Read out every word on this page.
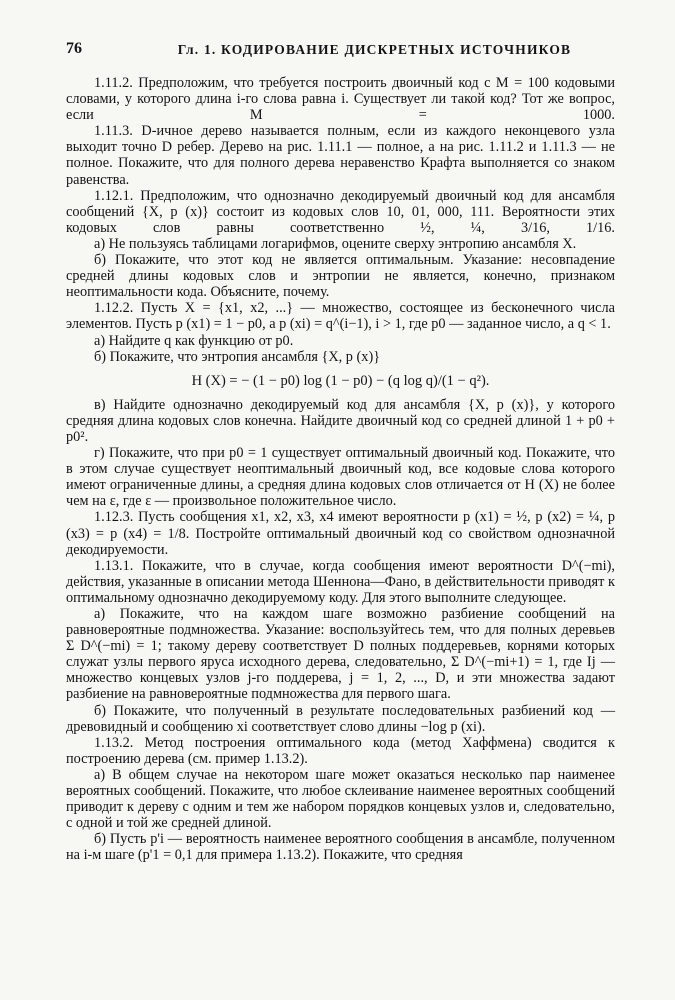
76	Гл. 1. КОДИРОВАНИЕ ДИСКРЕТНЫХ ИСТОЧНИКОВ

1.11.2. Предположим, что требуется построить двоичный код с M = 100 кодовыми словами, у которого длина i-го слова равна i. Существует ли такой код? Тот же вопрос, если M = 1000.

1.11.3. D-ичное дерево называется полным, если из каждого неконцевого узла выходит точно D ребер. Дерево на рис. 1.11.1 — полное, а на рис. 1.11.2 и 1.11.3 — не полное. Покажите, что для полного дерева неравенство Крафта выполняется со знаком равенства.

1.12.1. Предположим, что однозначно декодируемый двоичный код для ансамбля сообщений {X, p (x)} состоит из кодовых слов 10, 01, 000, 111. Вероятности этих кодовых слов равны соответственно ½, ¼, 3/16, 1/16.

а) Не пользуясь таблицами логарифмов, оцените сверху энтропию ансамбля X.

б) Покажите, что этот код не является оптимальным. Указание: несовпадение средней длины кодовых слов и энтропии не является, конечно, признаком неоптимальности кода. Объясните, почему.

1.12.2. Пусть X = {x1, x2, ...} — множество, состоящее из бесконечного числа элементов. Пусть p (x1) = 1 − p0, а p (xi) = q^(i−1), i > 1, где p0 — заданное число, а q < 1.

а) Найдите q как функцию от p0.

б) Покажите, что энтропия ансамбля {X, p (x)}

H (X) = − (1 − p0) log (1 − p0) − (q log q)/(1 − q²).

в) Найдите однозначно декодируемый код для ансамбля {X, p (x)}, у которого средняя длина кодовых слов конечна. Найдите двоичный код со средней длиной 1 + p0 + p0².

г) Покажите, что при p0 = 1 существует оптимальный двоичный код. Покажите, что в этом случае существует неоптимальный двоичный код, все кодовые слова которого имеют ограниченные длины, а средняя длина кодовых слов отличается от H (X) не более чем на ε, где ε — произвольное положительное число.

1.12.3. Пусть сообщения x1, x2, x3, x4 имеют вероятности p (x1) = ½, p (x2) = ¼, p (x3) = p (x4) = 1/8. Постройте оптимальный двоичный код со свойством однозначной декодируемости.

1.13.1. Покажите, что в случае, когда сообщения имеют вероятности D^(−mi), действия, указанные в описании метода Шеннона—Фано, в действительности приводят к оптимальному однозначно декодируемому коду. Для этого выполните следующее.

а) Покажите, что на каждом шаге возможно разбиение сообщений на равновероятные подмножества. Указание: воспользуйтесь тем, что для полных деревьев Σ D^(−mi) = 1; такому дереву соответствует D полных поддеревьев, корнями которых служат узлы первого яруса исходного дерева, следовательно, Σ D^(−mi+1) = 1, где Ij — множество концевых узлов j-го поддерева, j = 1, 2, ..., D, и эти множества задают разбиение на равновероятные подмножества для первого шага.

б) Покажите, что полученный в результате последовательных разбиений код — древовидный и сообщению xi соответствует слово длины −log p (xi).

1.13.2. Метод построения оптимального кода (метод Хаффмена) сводится к построению дерева (см. пример 1.13.2).

а) В общем случае на некотором шаге может оказаться несколько пар наименее вероятных сообщений. Покажите, что любое склеивание наименее вероятных сообщений приводит к дереву с одним и тем же набором порядков концевых узлов и, следовательно, с одной и той же средней длиной.

б) Пусть p'i — вероятность наименее вероятного сообщения в ансамбле, полученном на i-м шаге (p'1 = 0,1 для примера 1.13.2). Покажите, что средняя
